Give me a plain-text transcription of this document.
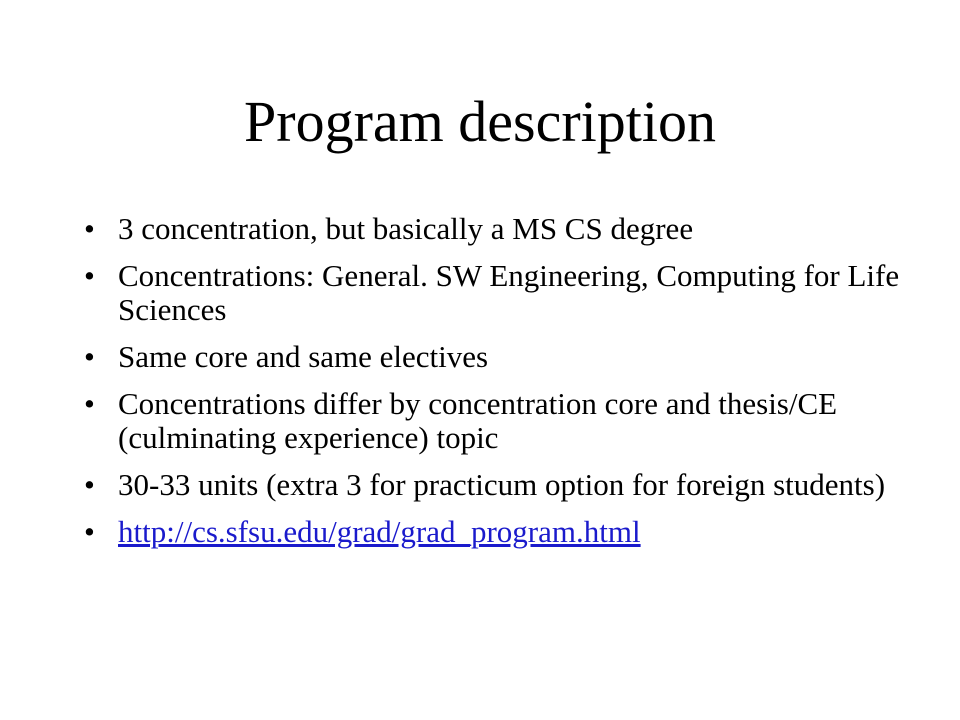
Program description
• 3 concentration, but basically a MS CS degree
• Concentrations: General. SW Engineering, Computing for Life Sciences
• Same core and same electives
• Concentrations differ by concentration core and thesis/CE (culminating experience) topic
• 30-33 units (extra 3 for practicum option for foreign students)
• http://cs.sfsu.edu/grad/grad_program.html
